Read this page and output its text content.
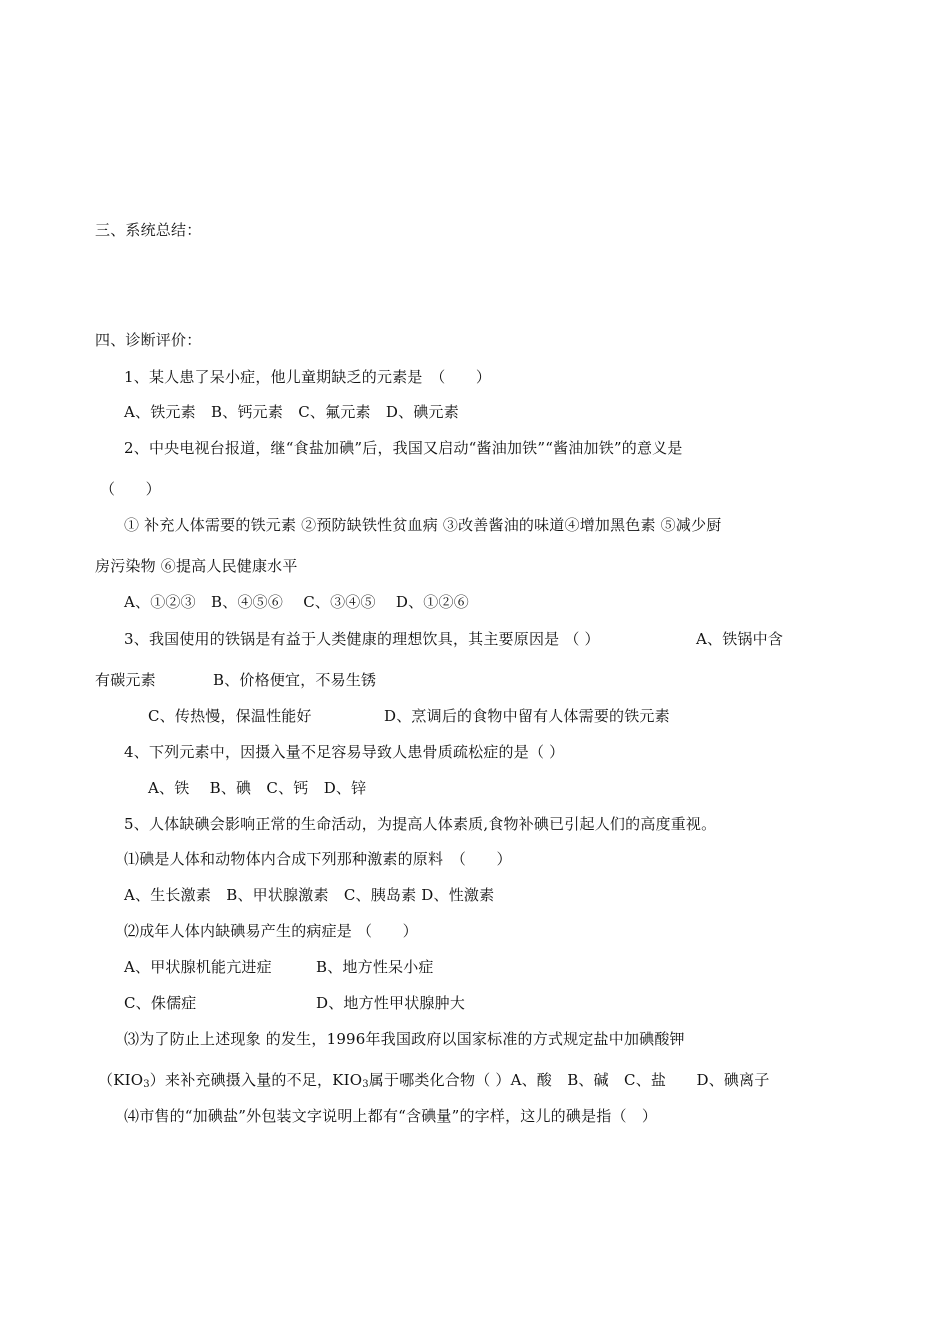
三、系统总结：
四、诊断评价：
1、某人患了呆小症，他儿童期缺乏的元素是　（　　）
A、铁元素　B、钙元素　C、氟元素　D、碘元素
2、中央电视台报道，继“食盐加碘”后，我国又启动“酱油加铁”“酱油加铁”的意义是
（　　）
① 补充人体需要的铁元素 ②预防缺铁性贫血病 ③改善酱油的味道④增加黑色素 ⑤减少厨
房污染物 ⑥提高人民健康水平
A、①②③　B、④⑤⑥　 C、③④⑤　 D、①②⑥
3、我国使用的铁锅是有益于人类健康的理想饮具，其主要原因是 （ ）	A、铁锅中含
有碳元素	B、价格便宜，不易生锈
C、传热慢，保温性能好	D、烹调后的食物中留有人体需要的铁元素
4、下列元素中，因摄入量不足容易导致人患骨质疏松症的是（ ）
A、铁　 B、碘　C、钙　D、锌
5、人体缺碘会影响正常的生命活动，为提高人体素质,食物补碘已引起人们的高度重视。
⑴碘是人体和动物体内合成下列那种激素的原料　（　　）
A、生长激素　B、甲状腺激素　C、胰岛素 D、性激素
⑵成年人体内缺碘易产生的病症是 （　　）
A、甲状腺机能亢进症	B、地方性呆小症
C、侏儒症	D、地方性甲状腺肿大
⑶为了防止上述现象 的发生，1996年我国政府以国家标准的方式规定盐中加碘酸钾
$(KIO_3)$来补充碘摄入量的不足，$KIO_3$属于哪类化合物（ ）A、酸　B、碱　C、盐　　D、碘离子
⑷市售的“加碘盐”外包装文字说明上都有“含碘量”的字样，这儿的碘是指（　）
